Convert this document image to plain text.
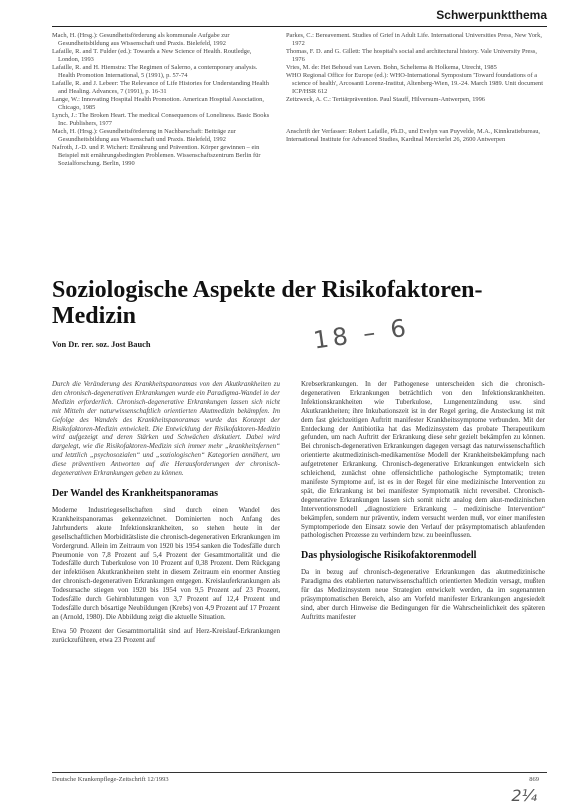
Schwerpunktthema

Mach, H. (Hrsg.): Gesundheitsförderung als kommunale Aufgabe zur Gesundheitsbildung aus Wissenschaft und Praxis. Bielefeld, 1992

Lafaille, R. and T. Fulder (ed.): Towards a New Science of Health. Routledge, London, 1993

Lafaille, R. and H. Hiemstra: The Regimen of Salerno, a contemporary analysis. Health Promotion International, 5 (1991), p. 57-74

Lafaille, R. and J. Lebeer: The Relevance of Life Histories for Understanding Health and Healing. Advances, 7 (1991), p. 16-31

Lange, W.: Innovating Hospital Health Promotion. American Hospital Association, Chicago, 1985

Lynch, J.: The Broken Heart. The medical Consequences of Loneliness. Basic Books Inc. Publishers, 1977

Mach, H. (Hrsg.): Gesundheitsförderung in Nachbarschaft: Beiträge zur Gesundheitsbildung aus Wissenschaft und Praxis. Bielefeld, 1992

Nafroth, J.-D. und P. Wichert: Ernährung und Prävention. Körper gewinnen – ein Beispiel mit ernährungsbedingten Problemen. Wissenschaftszentrum Berlin für Sozialforschung. Berlin, 1990

Parkes, C.: Bereavement. Studies of Grief in Adult Life. International Universities Press, New York, 1972

Thomas, F. D. and G. Gillett: The hospital's social and architectural history. Vale University Press, 1976

Vries, M. de: Het Behoud van Leven. Bohn, Scheltema & Holkema, Utrecht, 1985

WHO Regional Office for Europe (ed.): WHO-International Symposium 'Toward foundations of a science of health', Arcosanti Lorenz-Institut, Altenberg-Wien, 19.-24. March 1989. Unit document ICP/HSR 612

Zeitzweck, A. C.: Tertiärprävention. Paul Stauff, Hilversum-Antwerpen, 1996

Anschrift der Verfasser: Robert Lafaille, Ph.D., und Evelyn van Puyvelde, M.A., Kinnkratiebureau, International Institute for Advanced Studies, Kardinal Mercierlei 26, 2600 Antwerpen

Soziologische Aspekte der Risikofaktoren-Medizin

Von Dr. rer. soz. Jost Bauch	18 – 6

Durch die Veränderung des Krankheitspanoramas von den Akutkrankheiten zu den chronisch-degenerativen Erkrankungen wurde ein Paradigma-Wandel in der Medizin erforderlich. Chronisch-degenerative Erkrankungen lassen sich nicht mit Mitteln der naturwissenschaftlich orientierten Akutmedizin bekämpfen. Im Gefolge des Wandels des Krankheitspanoramas wurde das Konzept der Risikofaktoren-Medizin entwickelt. Die Entwicklung der Risikofaktoren-Medizin wird aufgezeigt und deren Stärken und Schwächen diskutiert. Dabei wird dargelegt, wie die Risikofaktoren-Medizin sich immer mehr „krankheitsfernen“ und letztlich „psychosozialen“ und „soziologischen“ Kategorien annähert, um diese präventiven Antworten auf die Herausforderungen der chronisch-degenerativen Erkrankungen geben zu können.

Der Wandel des Krankheitspanoramas

Moderne Industriegesellschaften sind durch einen Wandel des Krankheitspanoramas gekennzeichnet. Dominierten noch Anfang des Jahrhunderts akute Infektionskrankheiten, so stehen heute in der gesellschaftlichen Morbiditätsliste die chronisch-degenerativen Erkrankungen im Vordergrund. Allein im Zeitraum von 1920 bis 1954 sanken die Todesfälle durch Pneumonie von 7,8 Prozent auf 5,4 Prozent der Gesamtmortalität und die Todesfälle durch Tuberkulose von 10 Prozent auf 0,38 Prozent. Dem Rückgang der infektiösen Akutkrankheiten steht in diesem Zeitraum ein enormer Anstieg der chronisch-degenerativen Erkrankungen entgegen. Kreislauferkrankungen als Todesursache stiegen von 1920 bis 1954 von 9,5 Prozent auf 23 Prozent, Todesfälle durch Gehirnblutungen von 3,7 Prozent auf 12,4 Prozent und Todesfälle durch bösartige Neubildungen (Krebs) von 4,9 Prozent auf 17 Prozent an (Arnold, 1980). Die Abbildung zeigt die aktuelle Situation.

Etwa 50 Prozent der Gesamtmortalität sind auf Herz-Kreislauf-Erkrankungen zurückzuführen, etwa 23 Prozent auf

Krebserkrankungen. In der Pathogenese unterscheiden sich die chronisch-degenerativen Erkrankungen beträchtlich von den Infektionskrankheiten. Infektionskrankheiten wie Tuberkulose, Lungenentzündung usw. sind Akutkrankheiten; ihre Inkubationszeit ist in der Regel gering, die Ansteckung ist mit dem fast gleichzeitigen Auftritt manifester Krankheitssymptome verbunden. Mit der Entdeckung der Antibiotika hat das Medizinsystem das probate Therapeutikum gefunden, um nach Auftritt der Erkrankung diese sehr gezielt bekämpfen zu können. Bei chronisch-degenerativen Erkrankungen dagegen versagt das naturwissenschaftlich orientierte akutmedizinisch-medikamentöse Modell der Krankheitsbekämpfung nach aufgetretener Erkrankung. Chronisch-degenerative Erkrankungen entwickeln sich schleichend, zunächst ohne offensichtliche pathologische Symptomatik; treten manifeste Symptome auf, ist es in der Regel für eine medizinische Intervention zu spät, die Erkrankung ist bei manifester Symptomatik nicht reversibel. Chronisch-degenerative Erkrankungen lassen sich somit nicht analog dem akut-medizinischen Interventionsmodell „diagnostiziere Erkrankung – medizinische Intervention“ bekämpfen, sondern nur präventiv, indem versucht werden muß, vor einer manifesten Symptomperiode den Einsatz sowie den Verlauf der präsymptomatisch ablaufenden pathologischen Prozesse zu verhindern bzw. zu beeinflussen.

Das physiologische Risikofaktorenmodell

Da in bezug auf chronisch-degenerative Erkrankungen das akutmedizinische Paradigma des etablierten naturwissenschaftlich orientierten Medizin versagt, mußten für das Medizinsystem neue Strategien entwickelt werden, da im sogenannten präsymptomatischen Bereich, also am Vorfeld manifester Erkrankungen angesiedelt sind, aber durch Hinweise die Bedingungen für die Wahrscheinlichkeit des späteren Auftritts manifester

Deutsche Krankenpflege-Zeitschrift 12/1993	869
2¼
